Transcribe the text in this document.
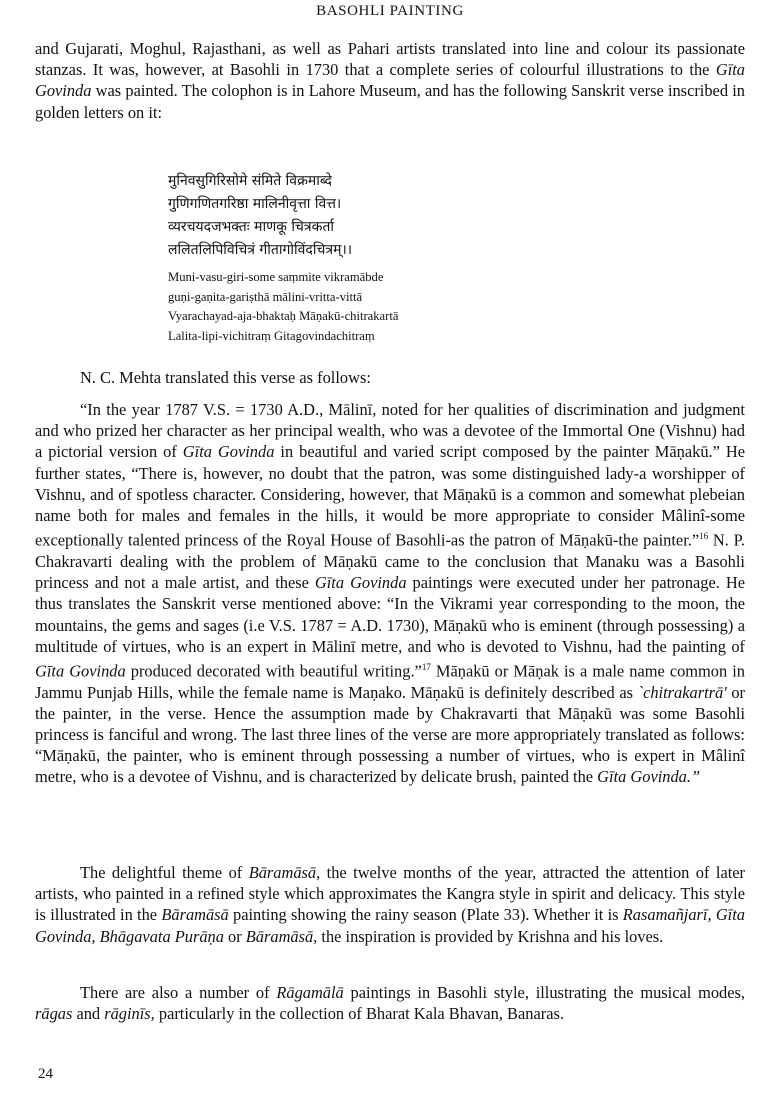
BASOHLI PAINTING

and Gujarati, Moghul, Rajasthani, as well as Pahari artists translated into line and colour its passionate stanzas. It was, however, at Basohli in 1730 that a complete series of colourful illustrations to the Gīta Govinda was painted. The colophon is in Lahore Museum, and has the following Sanskrit verse inscribed in golden letters on it:

मुनिवसुगिरिसोमे संमिते विक्रमाब्दे
गुणिगणितगरिष्ठा मालिनीवृत्ता वित्त।
व्यरचयदजभक्तः माणकू चित्रकर्ता
ललितलिपिविचित्रं गीतागोविंदचित्रम्।।
Muni-vasu-giri-some saṃmite vikramābde
guṇi-gaṇita-gariṣthā mālini-vritta-vittā
Vyarachayad-aja-bhaktaḥ Māṇakū-chitrakartā
Lalita-lipi-vichitraṃ Gitagovindachitraṃ

N. C. Mehta translated this verse as follows:

“In the year 1787 V.S. = 1730 A.D., Mālinī, noted for her qualities of discrimination and judgment and who prized her character as her principal wealth, who was a devotee of the Immortal One (Vishnu) had a pictorial version of Gīta Govinda in beautiful and varied script composed by the painter Māṇakū.” He further states, “There is, however, no doubt that the patron, was some distinguished lady-a worshipper of Vishnu, and of spotless character. Considering, however, that Māṇakū is a common and somewhat plebeian name both for males and females in the hills, it would be more appropriate to consider Mâlinî-some exceptionally talented princess of the Royal House of Basohli-as the patron of Māṇakū-the painter.”$^{16}$ N. P. Chakravarti dealing with the problem of Māṇakū came to the conclusion that Manaku was a Basohli princess and not a male artist, and these Gīta Govinda paintings were executed under her patronage. He thus translates the Sanskrit verse mentioned above: “In the Vikrami year corresponding to the moon, the mountains, the gems and sages (i.e V.S. 1787 = A.D. 1730), Māṇakū who is eminent (through possessing) a multitude of virtues, who is an expert in Mālinī metre, and who is devoted to Vishnu, had the painting of Gīta Govinda produced decorated with beautiful writing.”$^{17}$ Māṇakū or Māṇak is a male name common in Jammu Punjab Hills, while the female name is Maṇako. Māṇakū is definitely described as `chitrakartrā' or the painter, in the verse. Hence the assumption made by Chakravarti that Māṇakū was some Basohli princess is fanciful and wrong. The last three lines of the verse are more appropriately translated as follows: “Māṇakū, the painter, who is eminent through possessing a number of virtues, who is expert in Mâlinî metre, who is a devotee of Vishnu, and is characterized by delicate brush, painted the Gīta Govinda.”

The delightful theme of Bāramāsā, the twelve months of the year, attracted the attention of later artists, who painted in a refined style which approximates the Kangra style in spirit and delicacy. This style is illustrated in the Bāramāsā painting showing the rainy season (Plate 33). Whether it is Rasamañjarī, Gīta Govinda, Bhāgavata Purāṇa or Bāramāsā, the inspiration is provided by Krishna and his loves.

There are also a number of Rāgamālā paintings in Basohli style, illustrating the musical modes, rāgas and rāginīs, particularly in the collection of Bharat Kala Bhavan, Banaras.

24
